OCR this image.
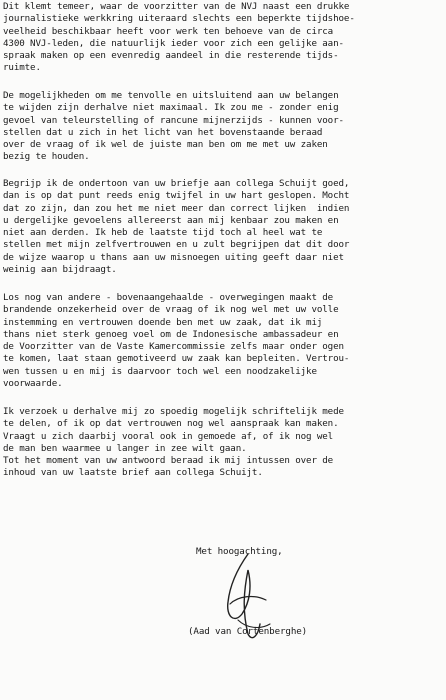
Dit klemt temeer, waar de voorzitter van de NVJ naast een drukke
journalistieke werkkring uiteraard slechts een beperkte tijdshoe-
veelheid beschikbaar heeft voor werk ten behoeve van de circa
4300 NVJ-leden, die natuurlijk ieder voor zich een gelijke aan-
spraak maken op een evenredig aandeel in die resterende tijds-
ruimte.
De mogelijkheden om me tenvolle en uitsluitend aan uw belangen
te wijden zijn derhalve niet maximaal. Ik zou me - zonder enig
gevoel van teleurstelling of rancune mijnerzijds - kunnen voor-
stellen dat u zich in het licht van het bovenstaande beraad
over de vraag of ik wel de juiste man ben om me met uw zaken
bezig te houden.
Begrijp ik de ondertoon van uw briefje aan collega Schuijt goed,
dan is op dat punt reeds enig twijfel in uw hart geslopen. Mocht
dat zo zijn, dan zou het me niet meer dan correct lijken  indien
u dergelijke gevoelens allereerst aan mij kenbaar zou maken en
niet aan derden. Ik heb de laatste tijd toch al heel wat te
stellen met mijn zelfvertrouwen en u zult begrijpen dat dit door
de wijze waarop u thans aan uw misnoegen uiting geeft daar niet
weinig aan bijdraagt.
Los nog van andere - bovenaangehaalde - overwegingen maakt de
brandende onzekerheid over de vraag of ik nog wel met uw volle
instemming en vertrouwen doende ben met uw zaak, dat ik mij
thans niet sterk genoeg voel om de Indonesische ambassadeur en
de Voorzitter van de Vaste Kamercommissie zelfs maar onder ogen
te komen, laat staan gemotiveerd uw zaak kan bepleiten. Vertrou-
wen tussen u en mij is daarvoor toch wel een noodzakelijke
voorwaarde.
Ik verzoek u derhalve mij zo spoedig mogelijk schriftelijk mede
te delen, of ik op dat vertrouwen nog wel aanspraak kan maken.
Vraagt u zich daarbij vooral ook in gemoede af, of ik nog wel
de man ben waarmee u langer in zee wilt gaan.
Tot het moment van uw antwoord beraad ik mij intussen over de
inhoud van uw laatste brief aan collega Schuijt.
Met hoogachting,
(Aad van Cortenberghe)
